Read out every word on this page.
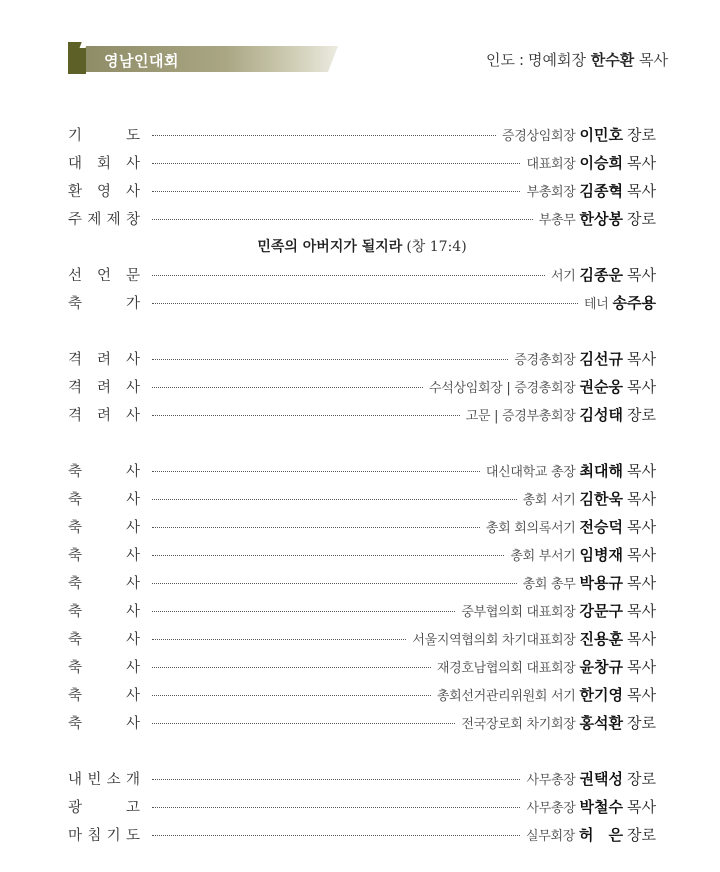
영남인대회	인도 : 명예회장 한수환 목사
기	도	증경상임회장 이민호 장로
대 회 사	대표회장 이승희 목사
환 영 사	부총회장 김종혁 목사
주 제 제 창	부총무 한상봉 장로
민족의 아버지가 될지라 (창 17:4)
선 언 문	서기 김종운 목사
축	가	테너 송주용
격 려 사	증경총회장 김선규 목사
격 려 사	수석상임회장 | 증경총회장 권순웅 목사
격 려 사	고문 | 증경부총회장 김성태 장로
축	사	대신대학교 총장 최대해 목사
축	사	총회 서기 김한욱 목사
축	사	총회 회의록서기 전승덕 목사
축	사	총회 부서기 임병재 목사
축	사	총회 총무 박용규 목사
축	사	중부협의회 대표회장 강문구 목사
축	사	서울지역협의회 차기대표회장 진용훈 목사
축	사	재경호남협의회 대표회장 윤창규 목사
축	사	총회선거관리위원회 서기 한기영 목사
축	사	전국장로회 차기회장 홍석환 장로
내 빈 소 개	사무총장 권택성 장로
광	고	사무총장 박철수 목사
마 침 기 도	실무회장 허　은 장로
